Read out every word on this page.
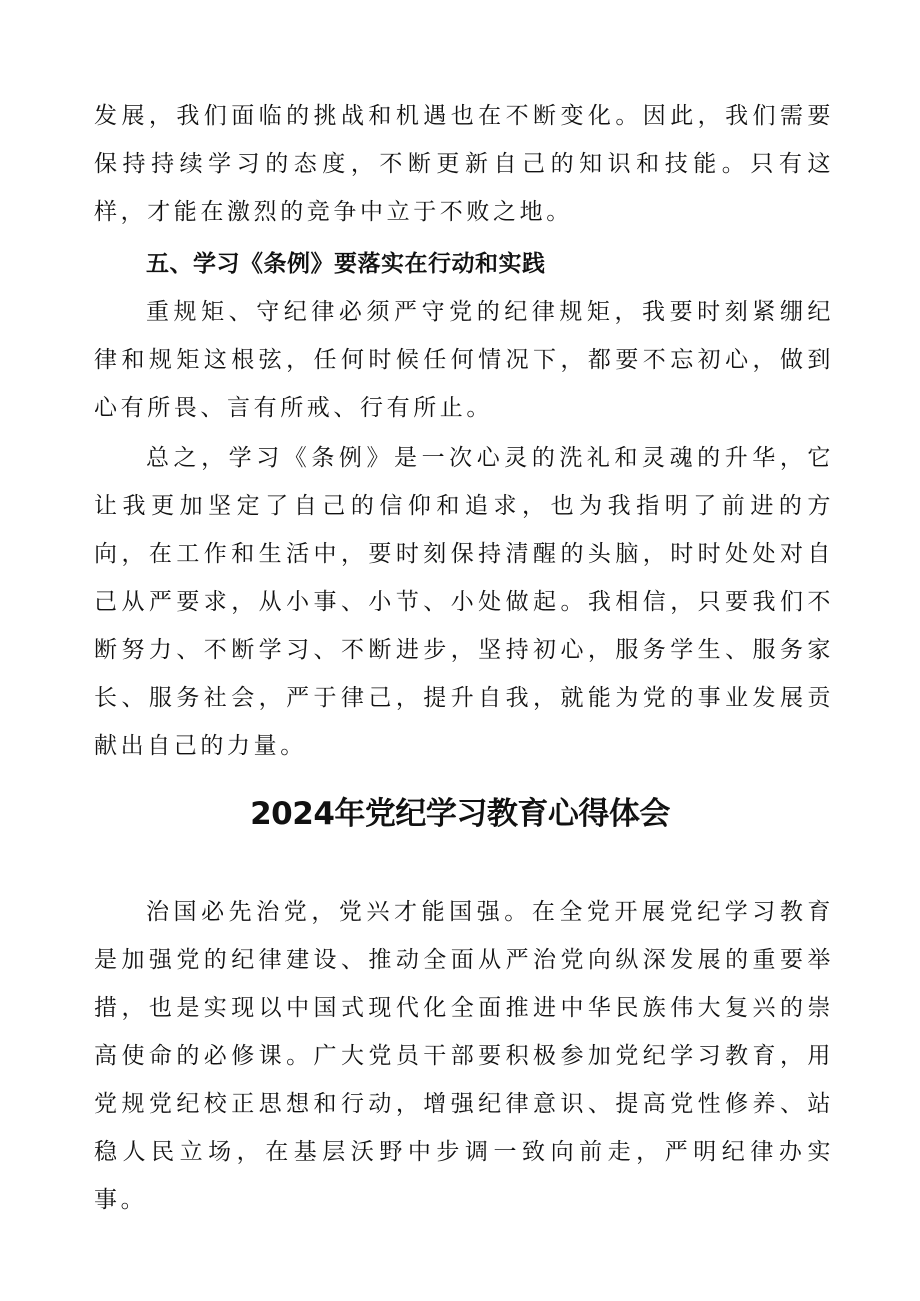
发展，我们面临的挑战和机遇也在不断变化。因此，我们需要保持持续学习的态度，不断更新自己的知识和技能。只有这样，才能在激烈的竞争中立于不败之地。

五、学习《条例》要落实在行动和实践

重规矩、守纪律必须严守党的纪律规矩，我要时刻紧绷纪律和规矩这根弦，任何时候任何情况下，都要不忘初心，做到心有所畏、言有所戒、行有所止。

总之，学习《条例》是一次心灵的洗礼和灵魂的升华，它让我更加坚定了自己的信仰和追求，也为我指明了前进的方向，在工作和生活中，要时刻保持清醒的头脑，时时处处对自己从严要求，从小事、小节、小处做起。我相信，只要我们不断努力、不断学习、不断进步，坚持初心，服务学生、服务家长、服务社会，严于律己，提升自我，就能为党的事业发展贡献出自己的力量。

2024年党纪学习教育心得体会

治国必先治党，党兴才能国强。在全党开展党纪学习教育是加强党的纪律建设、推动全面从严治党向纵深发展的重要举措，也是实现以中国式现代化全面推进中华民族伟大复兴的崇高使命的必修课。广大党员干部要积极参加党纪学习教育，用党规党纪校正思想和行动，增强纪律意识、提高党性修养、站稳人民立场，在基层沃野中步调一致向前走，严明纪律办实事。
